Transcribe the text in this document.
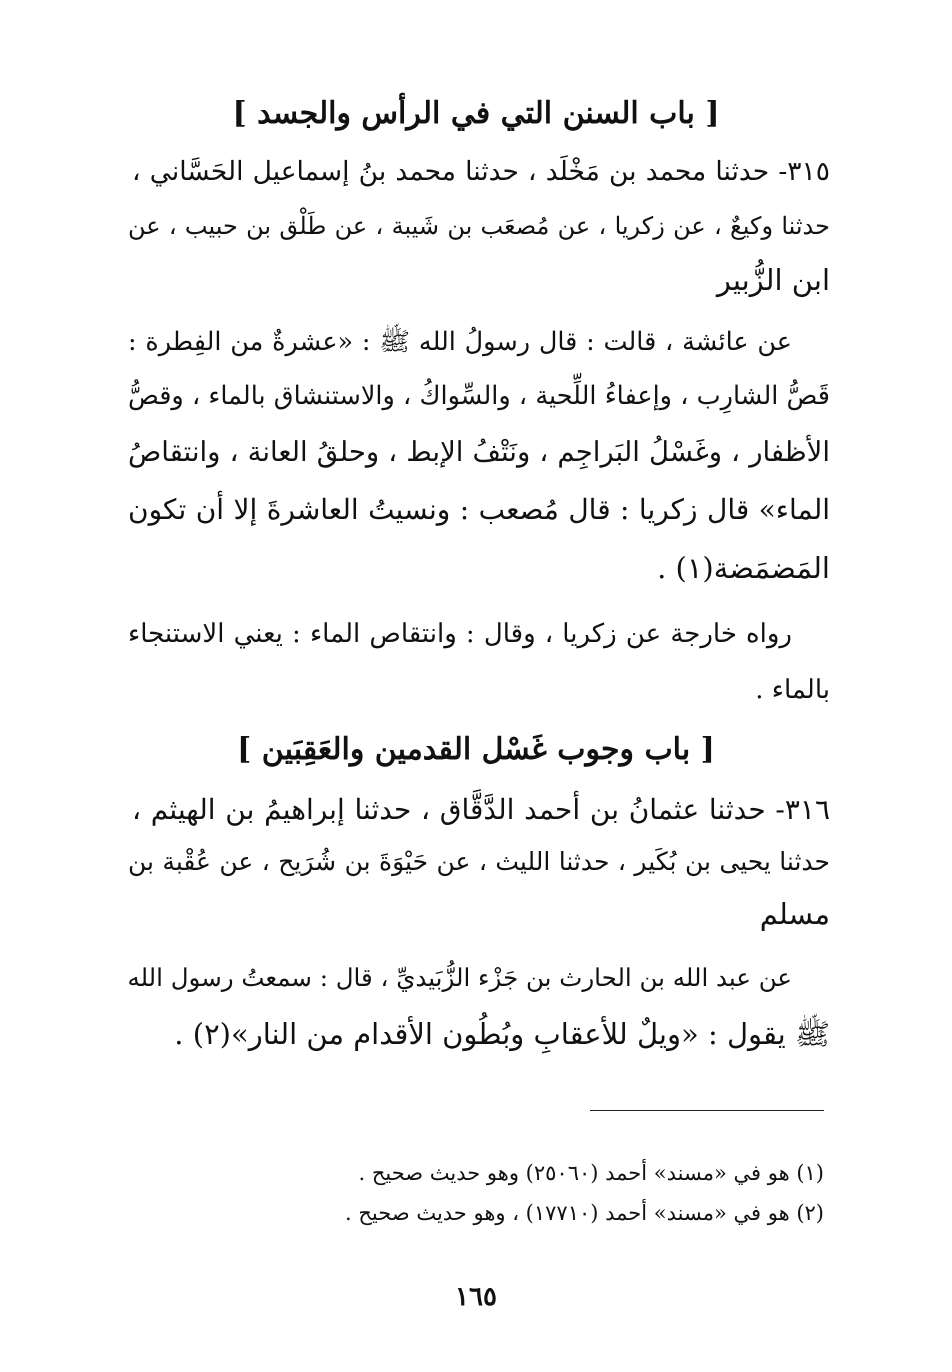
[ باب السنن التي في الرأس والجسد ]
٣١٥- حدثنا محمد بن مَخْلَد ، حدثنا محمد بنُ إسماعيل الحَسَّاني ،
حدثنا وكيعٌ ، عن زكريا ، عن مُصعَب بن شَيبة ، عن طَلْق بن حبيب ، عن
ابن الزُّبير
عن عائشة ، قالت : قال رسولُ الله ﷺ : «عشرةٌ من الفِطرة :
قَصُّ الشارِب ، وإعفاءُ اللِّحية ، والسِّواكُ ، والاستنشاق بالماء ، وقصُّ
الأظفار ، وغَسْلُ البَراجِم ، ونَتْفُ الإبط ، وحلقُ العانة ، وانتقاصُ
الماء» قال زكريا : قال مُصعب : ونسيتُ العاشرةَ إلا أن تكون
المَضمَضة(١) .
رواه خارجة عن زكريا ، وقال : وانتقاص الماء : يعني الاستنجاء
بالماء .
[ باب وجوب غَسْل القدمين والعَقِبَين ]
٣١٦- حدثنا عثمانُ بن أحمد الدَّقَّاق ، حدثنا إبراهيمُ بن الهيثم ،
حدثنا يحيى بن بُكَير ، حدثنا الليث ، عن حَيْوَةَ بن شُرَيح ، عن عُقْبة بن
مسلم
عن عبد الله بن الحارث بن جَزْء الزُّبَيديِّ ، قال : سمعتُ رسول الله
ﷺ يقول : «ويلٌ للأعقابِ وبُطُون الأقدام من النار»(٢) .
(١) هو في «مسند» أحمد (٢٥٠٦٠) وهو حديث صحيح .
(٢) هو في «مسند» أحمد (١٧٧١٠) ، وهو حديث صحيح .
١٦٥
